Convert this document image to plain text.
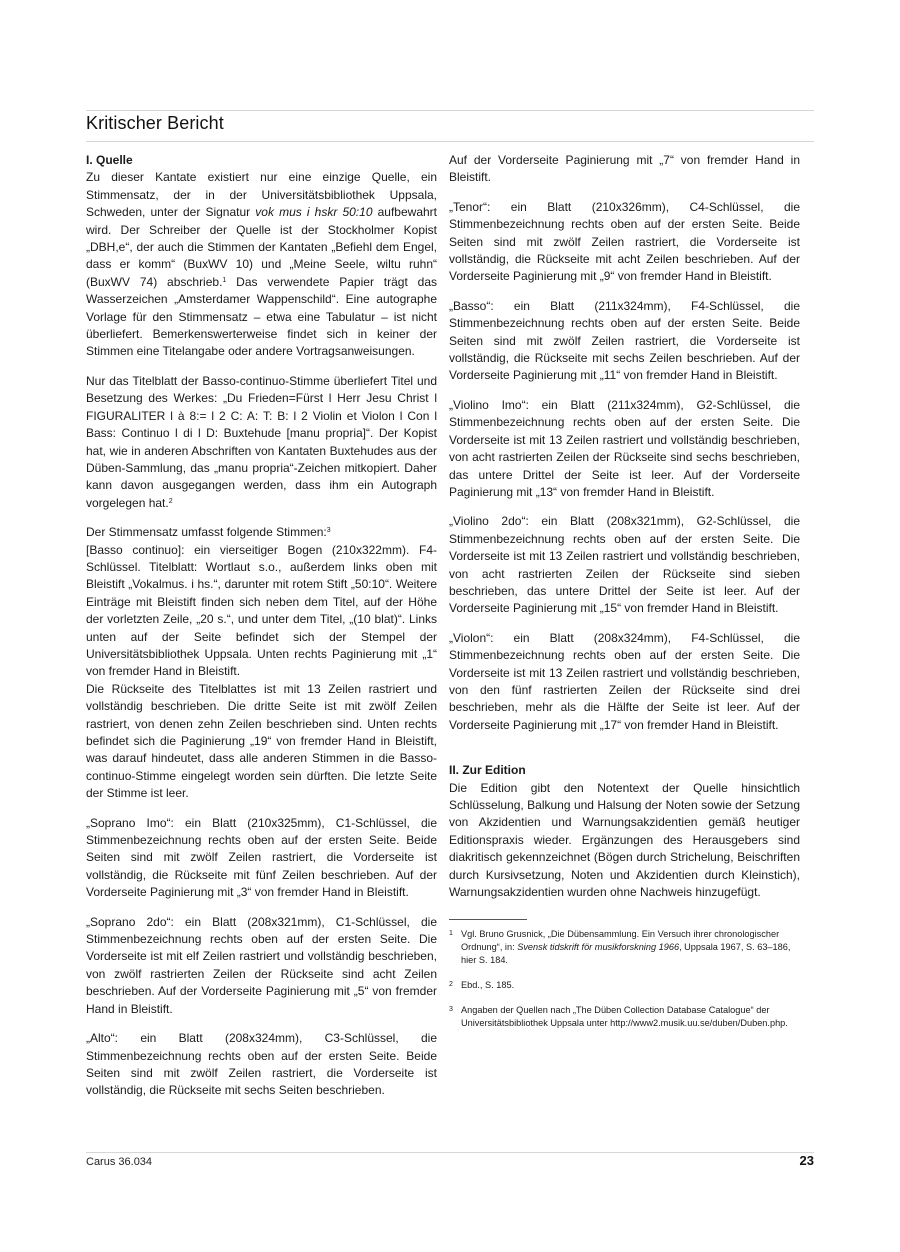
Kritischer Bericht
I. Quelle

Zu dieser Kantate existiert nur eine einzige Quelle, ein Stimmensatz, der in der Universitätsbibliothek Uppsala, Schweden, unter der Signatur vok mus i hskr 50:10 aufbewahrt wird. Der Schreiber der Quelle ist der Stockholmer Kopist „DBH,e“, der auch die Stimmen der Kantaten „Befiehl dem Engel, dass er komm“ (BuxWV 10) und „Meine Seele, wiltu ruhn“ (BuxWV 74) abschrieb.$^1$ Das verwendete Papier trägt das Wasserzeichen „Amsterdamer Wappenschild“. Eine autographe Vorlage für den Stimmensatz – etwa eine Tabulatur – ist nicht überliefert. Bemerkenswerterweise findet sich in keiner der Stimmen eine Titelangabe oder andere Vortragsanweisungen.

Nur das Titelblatt der Basso-continuo-Stimme überliefert Titel und Besetzung des Werkes: „Du Frieden=Fürst l Herr Jesu Christ l FIGURALITER l à 8:= l 2 C: A: T: B: l 2 Violin et Violon l Con l Bass: Continuo l di l D: Buxtehude [manu propria]“. Der Kopist hat, wie in anderen Abschriften von Kantaten Buxtehudes aus der Düben-Sammlung, das „manu propria“-Zeichen mitkopiert. Daher kann davon ausgegangen werden, dass ihm ein Autograph vorgelegen hat.$^2$

Der Stimmensatz umfasst folgende Stimmen:$^3$

[Basso continuo]: ein vierseitiger Bogen (210x322mm). F4-Schlüssel. Titelblatt: Wortlaut s.o., außerdem links oben mit Bleistift „Vokalmus. i hs.“, darunter mit rotem Stift „50:10“. Weitere Einträge mit Bleistift finden sich neben dem Titel, auf der Höhe der vorletzten Zeile, „20 s.“, und unter dem Titel, „(10 blat)“. Links unten auf der Seite befindet sich der Stempel der Universitätsbibliothek Uppsala. Unten rechts Paginierung mit „1“ von fremder Hand in Bleistift.

Die Rückseite des Titelblattes ist mit 13 Zeilen rastriert und vollständig beschrieben. Die dritte Seite ist mit zwölf Zeilen rastriert, von denen zehn Zeilen beschrieben sind. Unten rechts befindet sich die Paginierung „19“ von fremder Hand in Bleistift, was darauf hindeutet, dass alle anderen Stimmen in die Basso-continuo-Stimme eingelegt worden sein dürften. Die letzte Seite der Stimme ist leer.

„Soprano Imo“: ein Blatt (210x325mm), C1-Schlüssel, die Stimmenbezeichnung rechts oben auf der ersten Seite. Beide Seiten sind mit zwölf Zeilen rastriert, die Vorderseite ist vollständig, die Rückseite mit fünf Zeilen beschrieben. Auf der Vorderseite Paginierung mit „3“ von fremder Hand in Bleistift.

„Soprano 2do“: ein Blatt (208x321mm), C1-Schlüssel, die Stimmenbezeichnung rechts oben auf der ersten Seite. Die Vorderseite ist mit elf Zeilen rastriert und vollständig beschrieben, von zwölf rastrierten Zeilen der Rückseite sind acht Zeilen beschrieben. Auf der Vorderseite Paginierung mit „5“ von fremder Hand in Bleistift.

„Alto“: ein Blatt (208x324mm), C3-Schlüssel, die Stimmenbezeichnung rechts oben auf der ersten Seite. Beide Seiten sind mit zwölf Zeilen rastriert, die Vorderseite ist vollständig, die Rückseite mit sechs Seiten beschrieben.

Auf der Vorderseite Paginierung mit „7“ von fremder Hand in Bleistift.

„Tenor“: ein Blatt (210x326mm), C4-Schlüssel, die Stimmenbezeichnung rechts oben auf der ersten Seite. Beide Seiten sind mit zwölf Zeilen rastriert, die Vorderseite ist vollständig, die Rückseite mit acht Zeilen beschrieben. Auf der Vorderseite Paginierung mit „9“ von fremder Hand in Bleistift.

„Basso“: ein Blatt (211x324mm), F4-Schlüssel, die Stimmenbezeichnung rechts oben auf der ersten Seite. Beide Seiten sind mit zwölf Zeilen rastriert, die Vorderseite ist vollständig, die Rückseite mit sechs Zeilen beschrieben. Auf der Vorderseite Paginierung mit „11“ von fremder Hand in Bleistift.

„Violino Imo“: ein Blatt (211x324mm), G2-Schlüssel, die Stimmenbezeichnung rechts oben auf der ersten Seite. Die Vorderseite ist mit 13 Zeilen rastriert und vollständig beschrieben, von acht rastrierten Zeilen der Rückseite sind sechs beschrieben, das untere Drittel der Seite ist leer. Auf der Vorderseite Paginierung mit „13“ von fremder Hand in Bleistift.

„Violino 2do“: ein Blatt (208x321mm), G2-Schlüssel, die Stimmenbezeichnung rechts oben auf der ersten Seite. Die Vorderseite ist mit 13 Zeilen rastriert und vollständig beschrieben, von acht rastrierten Zeilen der Rückseite sind sieben beschrieben, das untere Drittel der Seite ist leer. Auf der Vorderseite Paginierung mit „15“ von fremder Hand in Bleistift.

„Violon“: ein Blatt (208x324mm), F4-Schlüssel, die Stimmenbezeichnung rechts oben auf der ersten Seite. Die Vorderseite ist mit 13 Zeilen rastriert und vollständig beschrieben, von den fünf rastrierten Zeilen der Rückseite sind drei beschrieben, mehr als die Hälfte der Seite ist leer. Auf der Vorderseite Paginierung mit „17“ von fremder Hand in Bleistift.

II. Zur Edition

Die Edition gibt den Notentext der Quelle hinsichtlich Schlüsselung, Balkung und Halsung der Noten sowie der Setzung von Akzidentien und Warnungsakzidentien gemäß heutiger Editionspraxis wieder. Ergänzungen des Herausgebers sind diakritisch gekennzeichnet (Bögen durch Strichelung, Beischriften durch Kursivsetzung, Noten und Akzidentien durch Kleinstich), Warnungsakzidentien wurden ohne Nachweis hinzugefügt.

1 Vgl. Bruno Grusnick, „Die Dübensammlung. Ein Versuch ihrer chronologischer Ordnung“, in: Svensk tidskrift för musikforskning 1966, Uppsala 1967, S. 63–186, hier S. 184.

2 Ebd., S. 185.

3 Angaben der Quellen nach „The Düben Collection Database Catalogue“ der Universitätsbibliothek Uppsala unter http://www2.musik.uu.se/duben/Duben.php.

Carus 36.034	23
